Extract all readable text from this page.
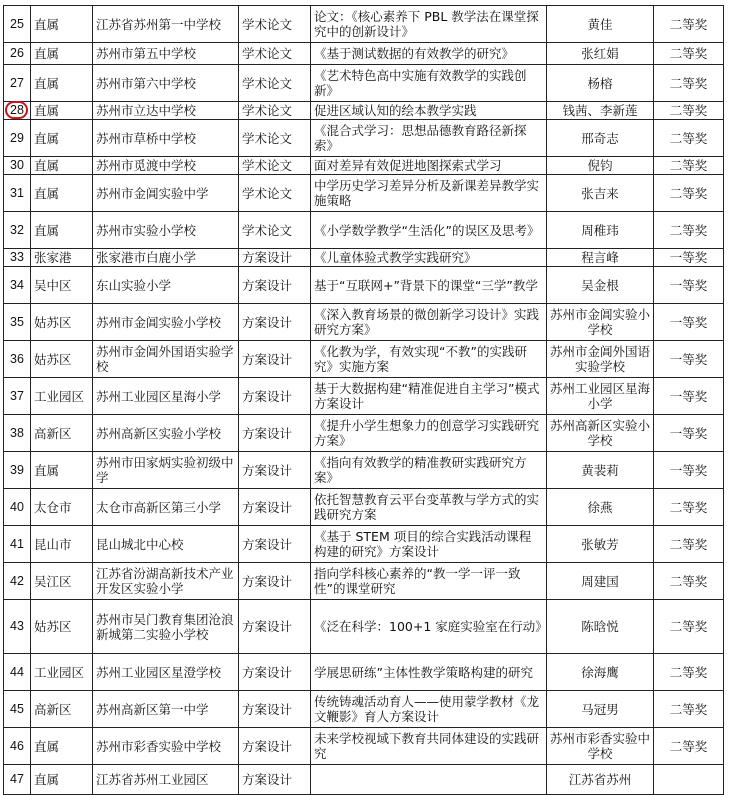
25	直属	江苏省苏州第一中学校	学术论文	论文：《核心素养下 PBL 教学法在课堂探究中的创新设计》	黄佳	二等奖
26	直属	苏州市第五中学校	学术论文	《基于测试数据的有效教学的研究》	张红娟	二等奖
27	直属	苏州市第六中学校	学术论文	《艺术特色高中实施有效教学的实践创新》	杨榕	二等奖

28	直属	苏州市立达中学校	学术论文	促进区域认知的绘本教学实践	钱茜、李新莲	二等奖
29	直属	苏州市草桥中学校	学术论文	《混合式学习：思想品德教育路径新探索》	邢奇志	二等奖
30	直属	苏州市觅渡中学校	学术论文	面对差异有效促进地图探索式学习	倪钧	二等奖
31	直属	苏州市金阊实验中学	学术论文	中学历史学习差异分析及新课差异教学实施策略	张吉来	二等奖
32	直属	苏州市实验小学校	学术论文	《小学数学教学“生活化”的误区及思考》	周稚玮	二等奖
33	张家港	张家港市白鹿小学	方案设计	《儿童体验式教学实践研究》	程言峰	一等奖
34	吴中区	东山实验小学	方案设计	基于“互联网+”背景下的课堂“三学”教学	吴金根	一等奖
35	姑苏区	苏州市金阊实验小学校	方案设计	《深入教育场景的微创新学习设计》实践研究方案》	苏州市金阊实验小学校	一等奖
36	姑苏区	苏州市金阊外国语实验学校	方案设计	《化教为学，有效实现“不教”的实践研究》实施方案	苏州市金阊外国语实验学校	一等奖
37	工业园区	苏州工业园区星海小学	方案设计	基于大数据构建“精准促进自主学习”模式方案设计	苏州工业园区星海小学	一等奖
38	高新区	苏州高新区实验小学校	方案设计	《提升小学生想象力的创意学习实践研究方案》	苏州高新区实验小学校	一等奖
39	直属	苏州市田家炳实验初级中学	方案设计	《指向有效教学的精准教研实践研究方案》	黄裴莉	一等奖
40	太仓市	太仓市高新区第三小学	方案设计	依托智慧教育云平台变革教与学方式的实践研究方案	徐燕	二等奖
41	昆山市	昆山城北中心校	方案设计	《基于 STEM 项目的综合实践活动课程构建的研究》方案设计	张敏芳	二等奖
42	吴江区	江苏省汾湖高新技术产业开发区实验小学	方案设计	指向学科核心素养的“教一学一评一致性”的课堂研究	周建国	二等奖
43	姑苏区	苏州市吴门教育集团沧浪新城第二实验小学校	方案设计	《泛在科学：100+1 家庭实验室在行动》	陈晗悦	二等奖
44	工业园区	苏州工业园区星澄学校	方案设计	学展思研练”主体性教学策略构建的研究	徐海鹰	二等奖
45	高新区	苏州高新区第一中学	方案设计	传统铸魂活动育人——使用蒙学教材《龙文鞭影》育人方案设计	马冠男	二等奖
46	直属	苏州市彩香实验中学校	方案设计	未来学校视域下教育共同体建设的实践研究	苏州市彩香实验中学校	二等奖
47	直属	江苏省苏州工业园区	方案设计		江苏省苏州	
